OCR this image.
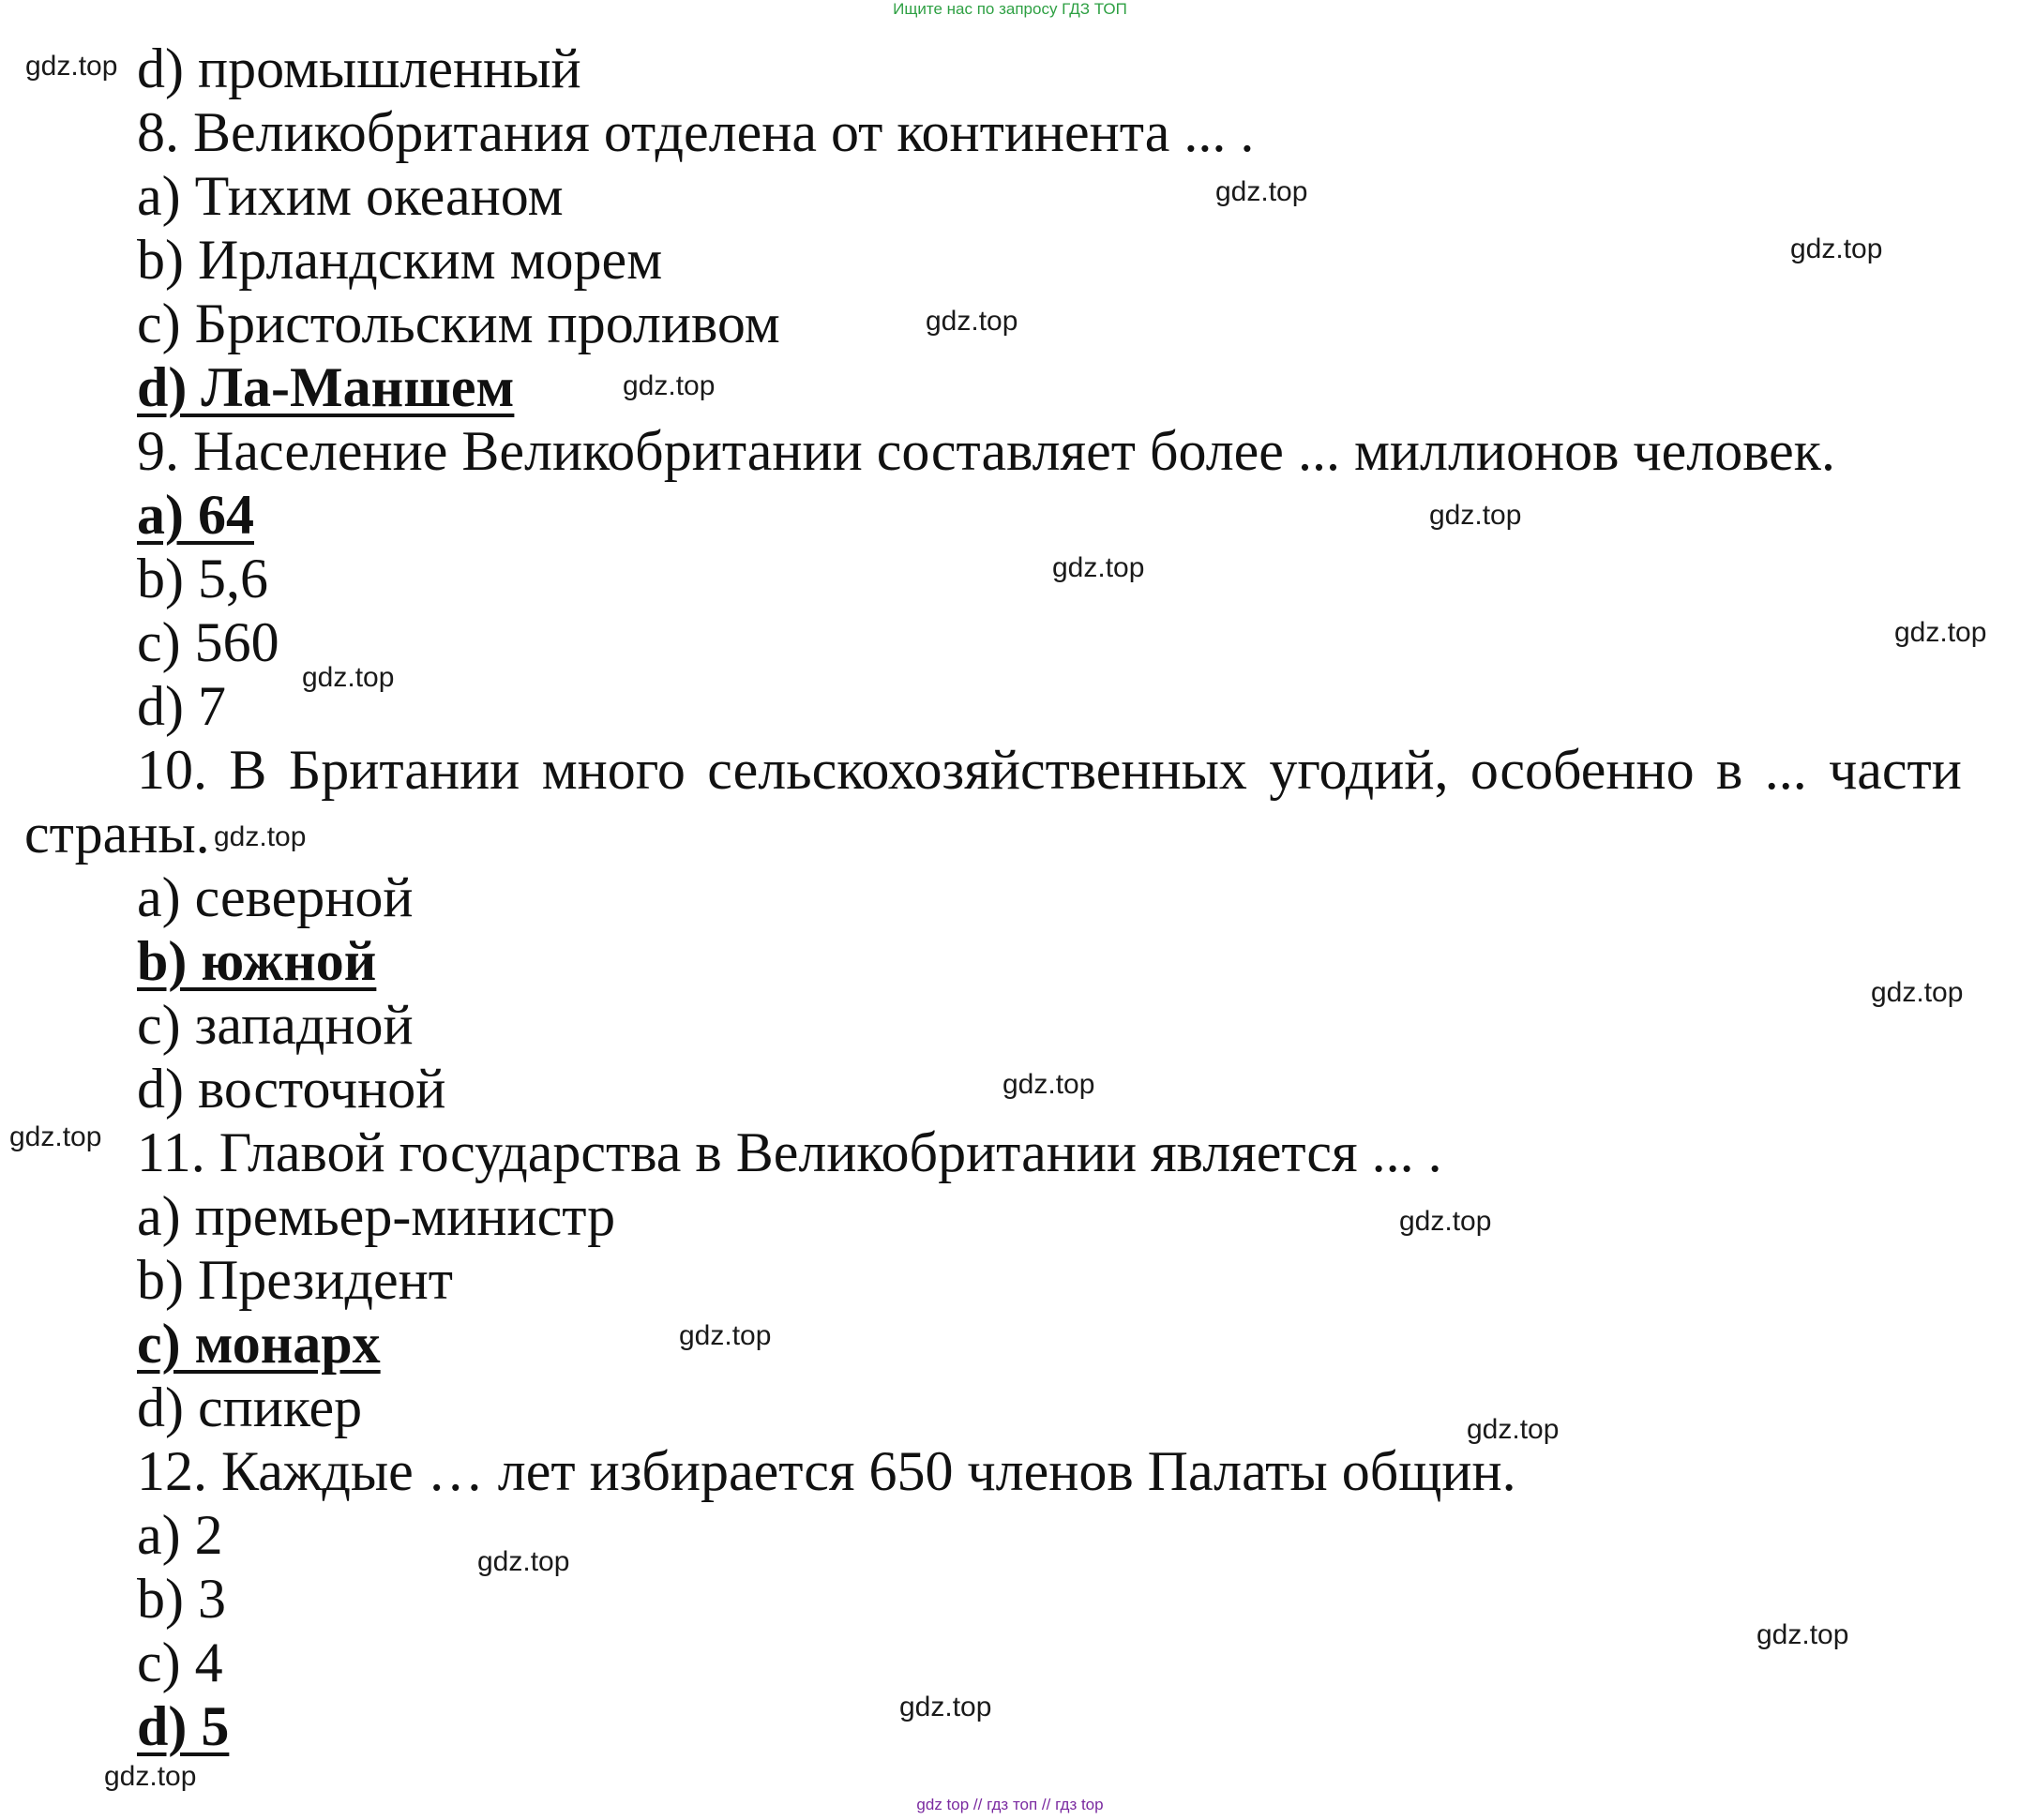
Ищите нас по запросу ГДЗ ТОП
d) промышленный
8. Великобритания отделена от континента ... .
a) Тихим океаном
b) Ирландским морем
c) Бристольским проливом
d) Ла-Маншем
9. Население Великобритании составляет более ... миллионов человек.
a) 64
b) 5,6
c) 560
d) 7
10. В Британии много сельскохозяйственных угодий, особенно в ... части
страны.
a) северной
b) южной
c) западной
d) восточной
11. Главой государства в Великобритании является ... .
a) премьер-министр
b) Президент
c) монарх
d) спикер
12. Каждые … лет избирается 650 членов Палаты общин.
a) 2
b) 3
c) 4
d) 5
gdz.top
gdz.top
gdz.top
gdz.top
gdz.top
gdz.top
gdz.top
gdz.top
gdz.top
gdz.top
gdz.top
gdz.top
gdz.top
gdz.top
gdz.top
gdz.top
gdz.top
gdz.top
gdz.top
gdz.top
gdz top // гдз топ // гдз top
